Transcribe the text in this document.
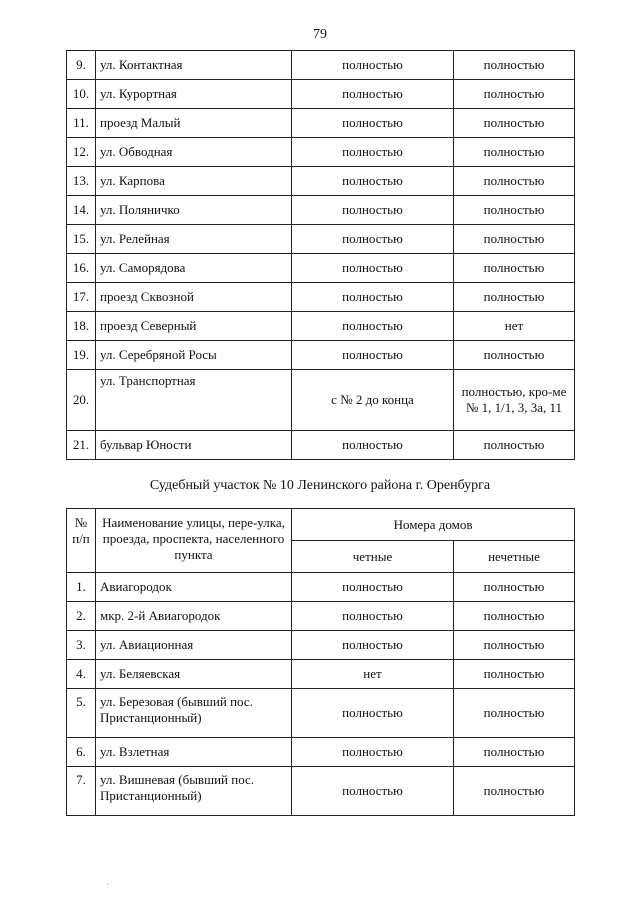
79
9.	ул. Контактная	полностью	полностью
10.	ул. Курортная	полностью	полностью
11.	проезд Малый	полностью	полностью
12.	ул. Обводная	полностью	полностью
13.	ул. Карпова	полностью	полностью
14.	ул. Поляничко	полностью	полностью
15.	ул. Релейная	полностью	полностью
16.	ул. Саморядова	полностью	полностью
17.	проезд Сквозной	полностью	полностью
18.	проезд Северный	полностью	нет
19.	ул. Серебряной Росы	полностью	полностью
20.	ул. Транспортная	с № 2 до конца	полностью, кро-ме № 1, 1/1, 3, 3а, 11
21.	бульвар Юности	полностью	полностью
Судебный участок № 10 Ленинского района г. Оренбурга
№ п/п	Наименование улицы, пере-улка, проезда, проспекта, населенного пункта	Номера домов	
		четные	нечетные
1.	Авиагородок	полностью	полностью
2.	мкр. 2-й Авиагородок	полностью	полностью
3.	ул. Авиационная	полностью	полностью
4.	ул. Беляевская	нет	полностью
5.	ул. Березовая (бывший пос. Пристанционный)	полностью	полностью
6.	ул. Взлетная	полностью	полностью
7.	ул. Вишневая (бывший пос. Пристанционный)	полностью	полностью
